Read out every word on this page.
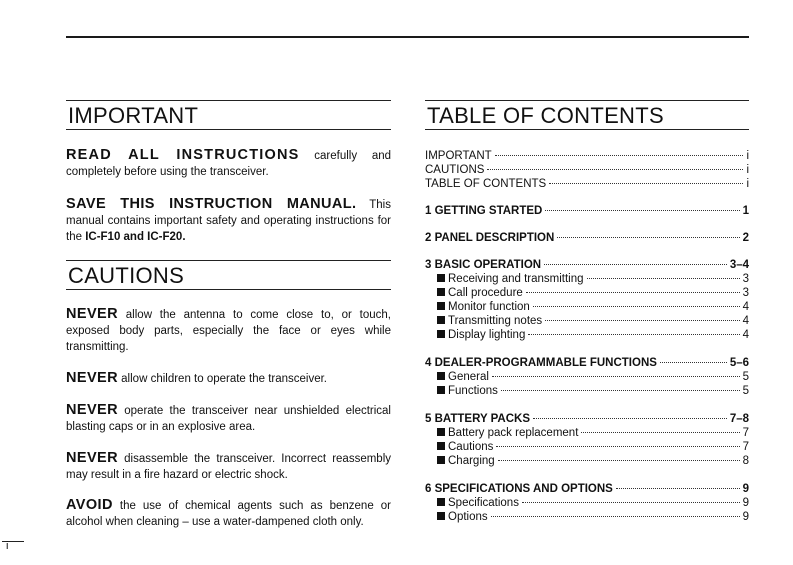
IMPORTANT

READ ALL INSTRUCTIONS carefully and completely before using the transceiver.

SAVE THIS INSTRUCTION MANUAL. This manual contains important safety and operating instructions for the IC-F10 and IC-F20.

CAUTIONS

NEVER allow the antenna to come close to, or touch, exposed body parts, especially the face or eyes while transmitting.

NEVER allow children to operate the transceiver.

NEVER operate the transceiver near unshielded electrical blasting caps or in an explosive area.

NEVER disassemble the transceiver. Incorrect reassembly may result in a fire hazard or electric shock.

AVOID the use of chemical agents such as benzene or alcohol when cleaning – use a water-dampened cloth only.

TABLE OF CONTENTS
IMPORTANT	i
CAUTIONS	i
TABLE OF CONTENTS	i
1 GETTING STARTED	1
2 PANEL DESCRIPTION	2
3 BASIC OPERATION	3–4
Receiving and transmitting	3
Call procedure	3
Monitor function	4
Transmitting notes	4
Display lighting	4
4 DEALER-PROGRAMMABLE FUNCTIONS	5–6
General	5
Functions	5
5 BATTERY PACKS	7–8
Battery pack replacement	7
Cautions	7
Charging	8
6 SPECIFICATIONS AND OPTIONS	9
Specifications	9
Options	9
i
